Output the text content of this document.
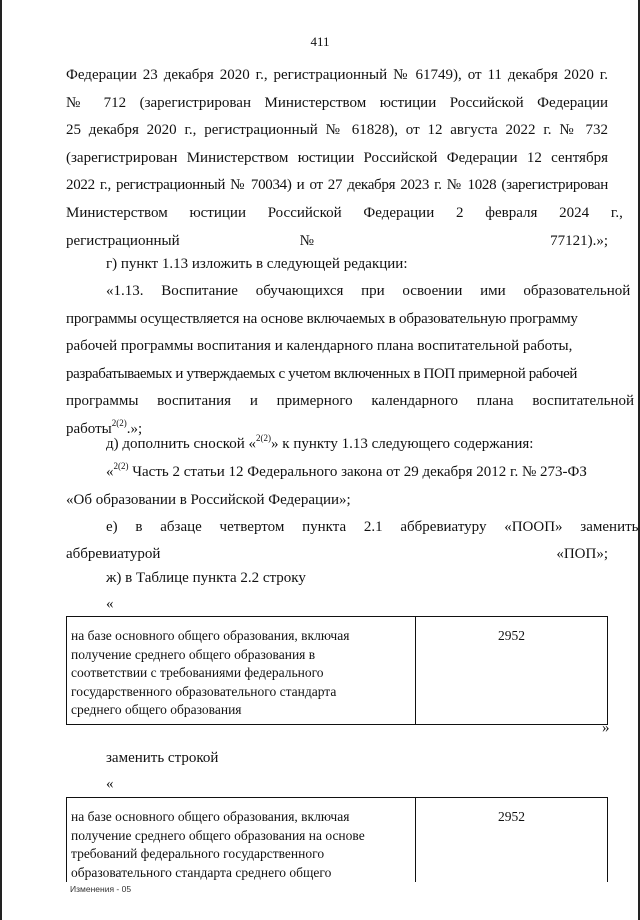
411
Федерации 23 декабря 2020 г., регистрационный № 61749), от 11 декабря 2020 г.
№ 712 (зарегистрирован Министерством юстиции Российской Федерации
25 декабря 2020 г., регистрационный № 61828), от 12 августа 2022 г. № 732
(зарегистрирован Министерством юстиции Российской Федерации 12 сентября
2022 г., регистрационный № 70034) и от 27 декабря 2023 г. № 1028 (зарегистрирован
Министерством юстиции Российской Федерации 2 февраля 2024 г.,
регистрационный № 77121).»;
г) пункт 1.13 изложить в следующей редакции:
«1.13. Воспитание обучающихся при освоении ими образовательной
программы осуществляется на основе включаемых в образовательную программу
рабочей программы воспитания и календарного плана воспитательной работы,
разрабатываемых и утверждаемых с учетом включенных в ПОП примерной рабочей
программы воспитания и примерного календарного плана воспитательной
работы$^{2(2)}$.»;
д) дополнить сноской «$^{2(2)}$» к пункту 1.13 следующего содержания:
«$^{2(2)}$ Часть 2 статьи 12 Федерального закона от 29 декабря 2012 г. № 273-ФЗ
«Об образовании в Российской Федерации»;
е) в абзаце четвертом пункта 2.1 аббревиатуру «ПООП» заменить
аббревиатурой «ПОП»;
ж) в Таблице пункта 2.2 строку
«
на базе основного общего образования, включая
получение среднего общего образования в
соответствии с требованиями федерального
государственного образовательного стандарта
среднего общего образования
	2952
»
заменить строкой
«
на базе основного общего образования, включая
получение среднего общего образования на основе
требований федерального государственного
образовательного стандарта среднего общего
	2952
Изменения - 05
